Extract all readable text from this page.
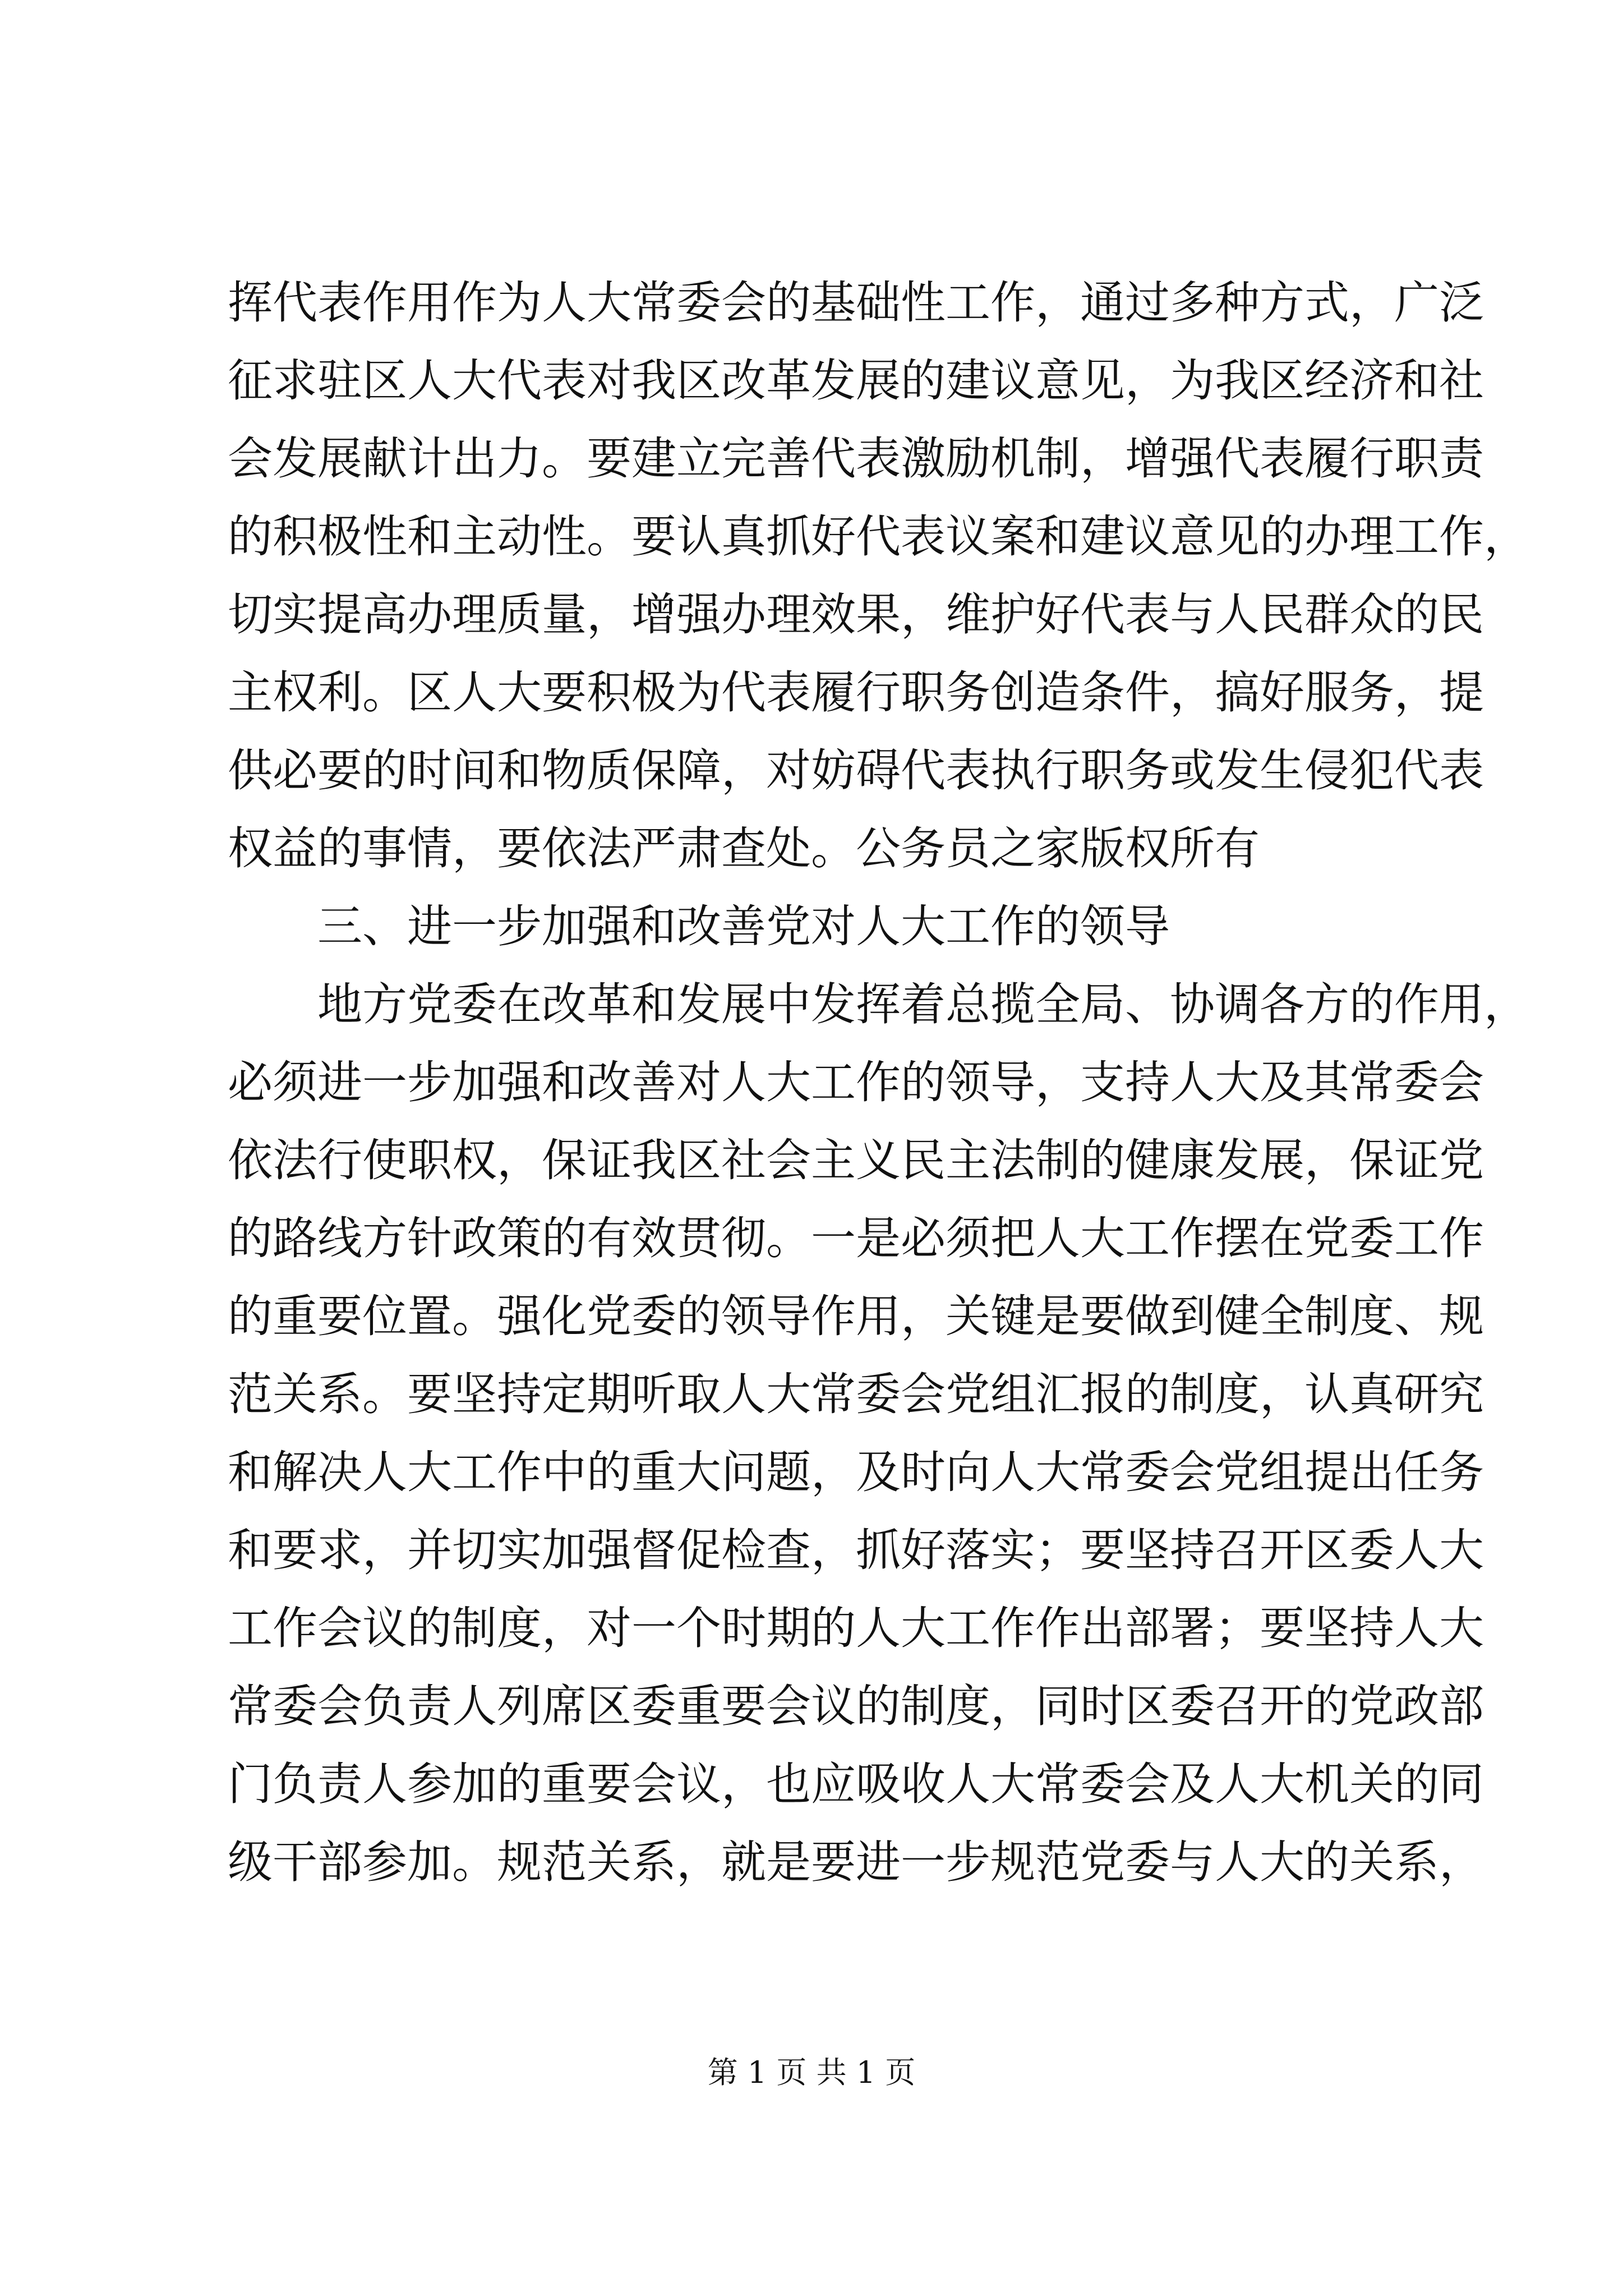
挥代表作用作为人大常委会的基础性工作，通过多种方式，广泛
征求驻区人大代表对我区改革发展的建议意见，为我区经济和社
会发展献计出力。要建立完善代表激励机制，增强代表履行职责
的积极性和主动性。要认真抓好代表议案和建议意见的办理工作，
切实提高办理质量，增强办理效果，维护好代表与人民群众的民
主权利。区人大要积极为代表履行职务创造条件，搞好服务，提
供必要的时间和物质保障，对妨碍代表执行职务或发生侵犯代表
权益的事情，要依法严肃查处。公务员之家版权所有
三、进一步加强和改善党对人大工作的领导
地方党委在改革和发展中发挥着总揽全局、协调各方的作用，
必须进一步加强和改善对人大工作的领导，支持人大及其常委会
依法行使职权，保证我区社会主义民主法制的健康发展，保证党
的路线方针政策的有效贯彻。一是必须把人大工作摆在党委工作
的重要位置。强化党委的领导作用，关键是要做到健全制度、规
范关系。要坚持定期听取人大常委会党组汇报的制度，认真研究
和解决人大工作中的重大问题，及时向人大常委会党组提出任务
和要求，并切实加强督促检查，抓好落实；要坚持召开区委人大
工作会议的制度，对一个时期的人大工作作出部署；要坚持人大
常委会负责人列席区委重要会议的制度，同时区委召开的党政部
门负责人参加的重要会议，也应吸收人大常委会及人大机关的同
级干部参加。规范关系，就是要进一步规范党委与人大的关系，
第 1 页 共 1 页
